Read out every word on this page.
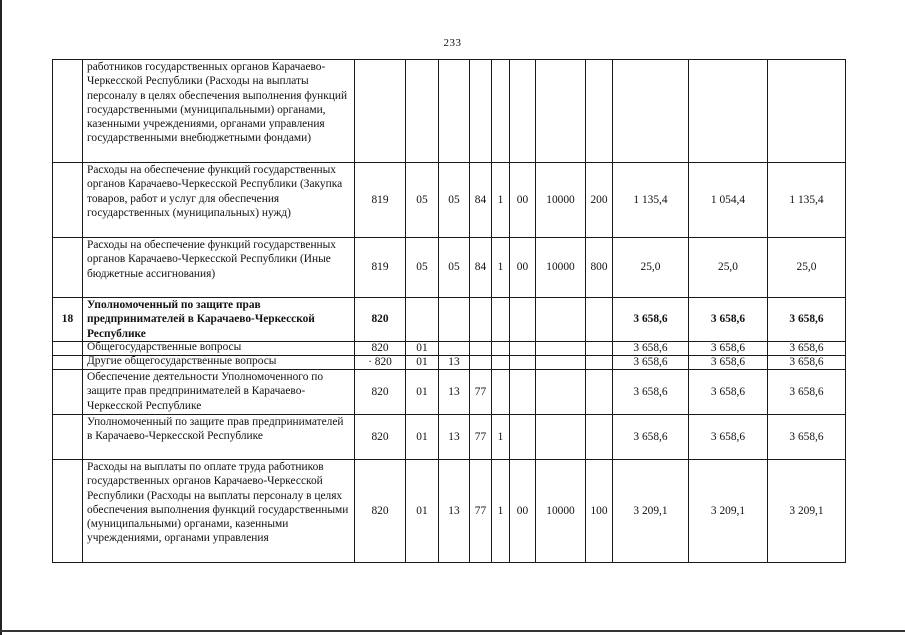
233
	работников государственных органов Карачаево-Черкесской Республики (Расходы на выплаты персоналу в целях обеспечения выполнения функций государственными (муниципальными) органами, казенными учреждениями, органами управления государственными внебюджетными фондами)											
	Расходы на обеспечение функций государственных органов Карачаево-Черкесской Республики (Закупка товаров, работ и услуг для обеспечения государственных (муниципальных) нужд)	819	05	05	84	1	00	10000	200	1 135,4	1 054,4	1 135,4
	Расходы на обеспечение функций государственных органов Карачаево-Черкесской Республики (Иные бюджетные ассигнования)	819	05	05	84	1	00	10000	800	25,0	25,0	25,0
18	Уполномоченный по защите прав предпринимателей в Карачаево-Черкесской Республике	820								3 658,6	3 658,6	3 658,6
	Общегосударственные вопросы	820	01							3 658,6	3 658,6	3 658,6
	Другие общегосударственные вопросы	· 820	01	13						3 658,6	3 658,6	3 658,6
	Обеспечение деятельности Уполномоченного по защите прав предпринимателей в Карачаево-Черкесской Республике	820	01	13	77					3 658,6	3 658,6	3 658,6
	Уполномоченный по защите прав предпринимателей в Карачаево-Черкесской Республике	820	01	13	77	1				3 658,6	3 658,6	3 658,6
	Расходы на выплаты по оплате труда работников государственных органов Карачаево-Черкесской Республики (Расходы на выплаты персоналу в целях обеспечения выполнения функций государственными (муниципальными) органами, казенными учреждениями, органами управления	820	01	13	77	1	00	10000	100	3 209,1	3 209,1	3 209,1
